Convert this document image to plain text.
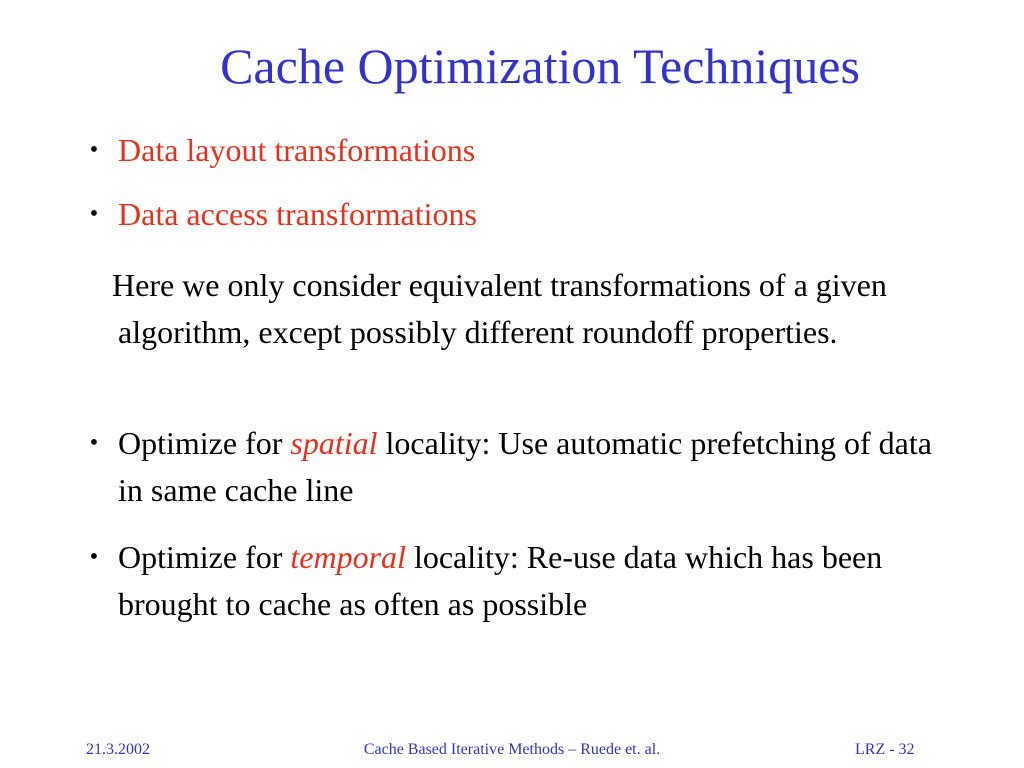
Cache Optimization Techniques
• Data layout transformations
• Data access transformations
Here we only consider equivalent transformations of a given algorithm, except possibly different roundoff properties.
• Optimize for spatial locality: Use automatic prefetching of data in same cache line
• Optimize for temporal locality: Re-use data which has been brought to cache as often as possible
21.3.2002	Cache Based Iterative Methods – Ruede et. al.	LRZ - 32
